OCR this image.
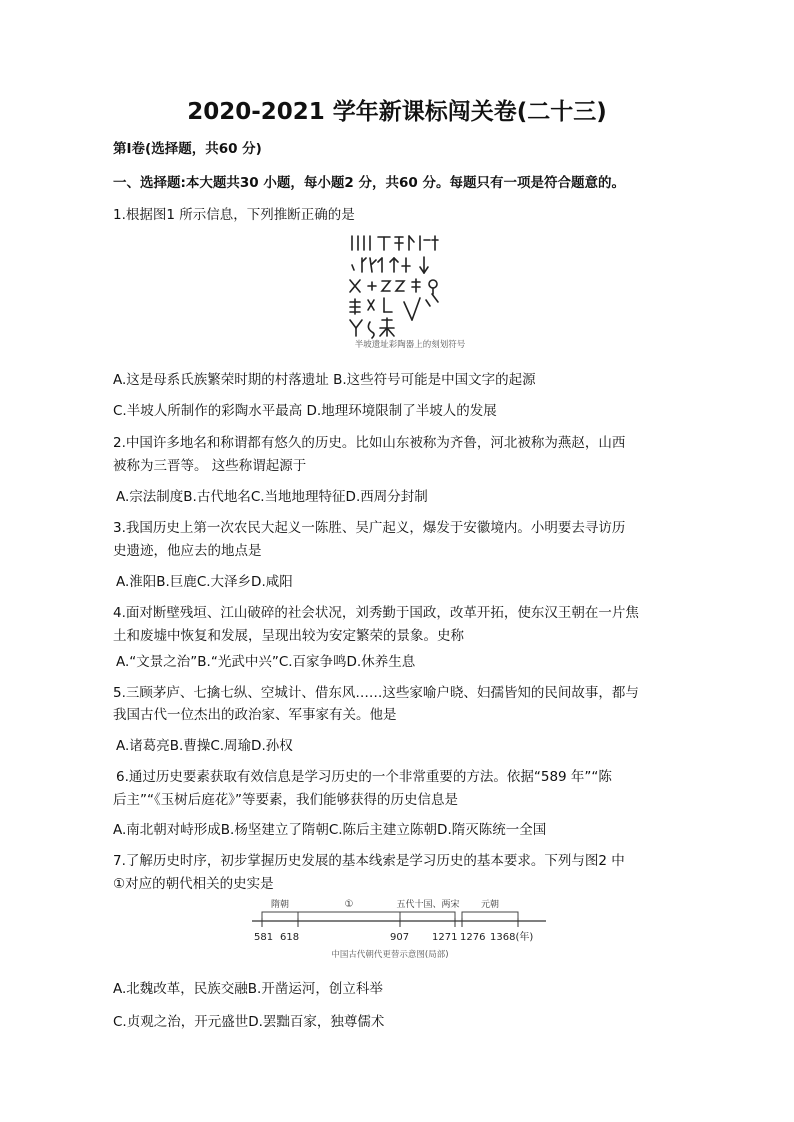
2020-2021 学年新课标闯关卷(二十三)
第Ⅰ卷(选择题，共60 分)
一、选择题:本大题共30 小题，每小题2 分，共60 分。每题只有一项是符合题意的。
1.根据图1 所示信息，下列推断正确的是
半坡遗址彩陶器上的刻划符号
A.这是母系氏族繁荣时期的村落遗址 B.这些符号可能是中国文字的起源
C.半坡人所制作的彩陶水平最高 D.地理环境限制了半坡人的发展
2.中国许多地名和称谓都有悠久的历史。比如山东被称为齐鲁，河北被称为燕赵，山西
被称为三晋等。 这些称谓起源于
A.宗法制度B.古代地名C.当地地理特征D.西周分封制
3.我国历史上第一次农民大起义一陈胜、吴广起义，爆发于安徽境内。小明要去寻访历
史遗迹，他应去的地点是
A.淮阳B.巨鹿C.大泽乡D.咸阳
4.面对断壁残垣、江山破碎的社会状况，刘秀勤于国政，改革开拓，使东汉王朝在一片焦
土和废墟中恢复和发展，呈现出较为安定繁荣的景象。史称
A.“文景之治”B.“光武中兴”C.百家争鸣D.休养生息
5.三顾茅庐、七擒七纵、空城计、借东风……这些家喻户晓、妇孺皆知的民间故事，都与
我国古代一位杰出的政治家、军事家有关。他是
A.诸葛亮B.曹操C.周瑜D.孙权
6.通过历史要素获取有效信息是学习历史的一个非常重要的方法。依据“589 年”“陈
后主”“《玉树后庭花》”等要素，我们能够获得的历史信息是
A.南北朝对峙形成B.杨坚建立了隋朝C.陈后主建立陈朝D.隋灭陈统一全国
7.了解历史时序，初步掌握历史发展的基本线索是学习历史的基本要求。下列与图2 中
①对应的朝代相关的史实是
隋朝	①	五代十国、两宋 元朝
581 618	907 1271 1276 1368(年)
中国古代朝代更替示意图(局部)
A.北魏改革，民族交融B.开凿运河，创立科举
C.贞观之治，开元盛世D.罢黜百家，独尊儒术
